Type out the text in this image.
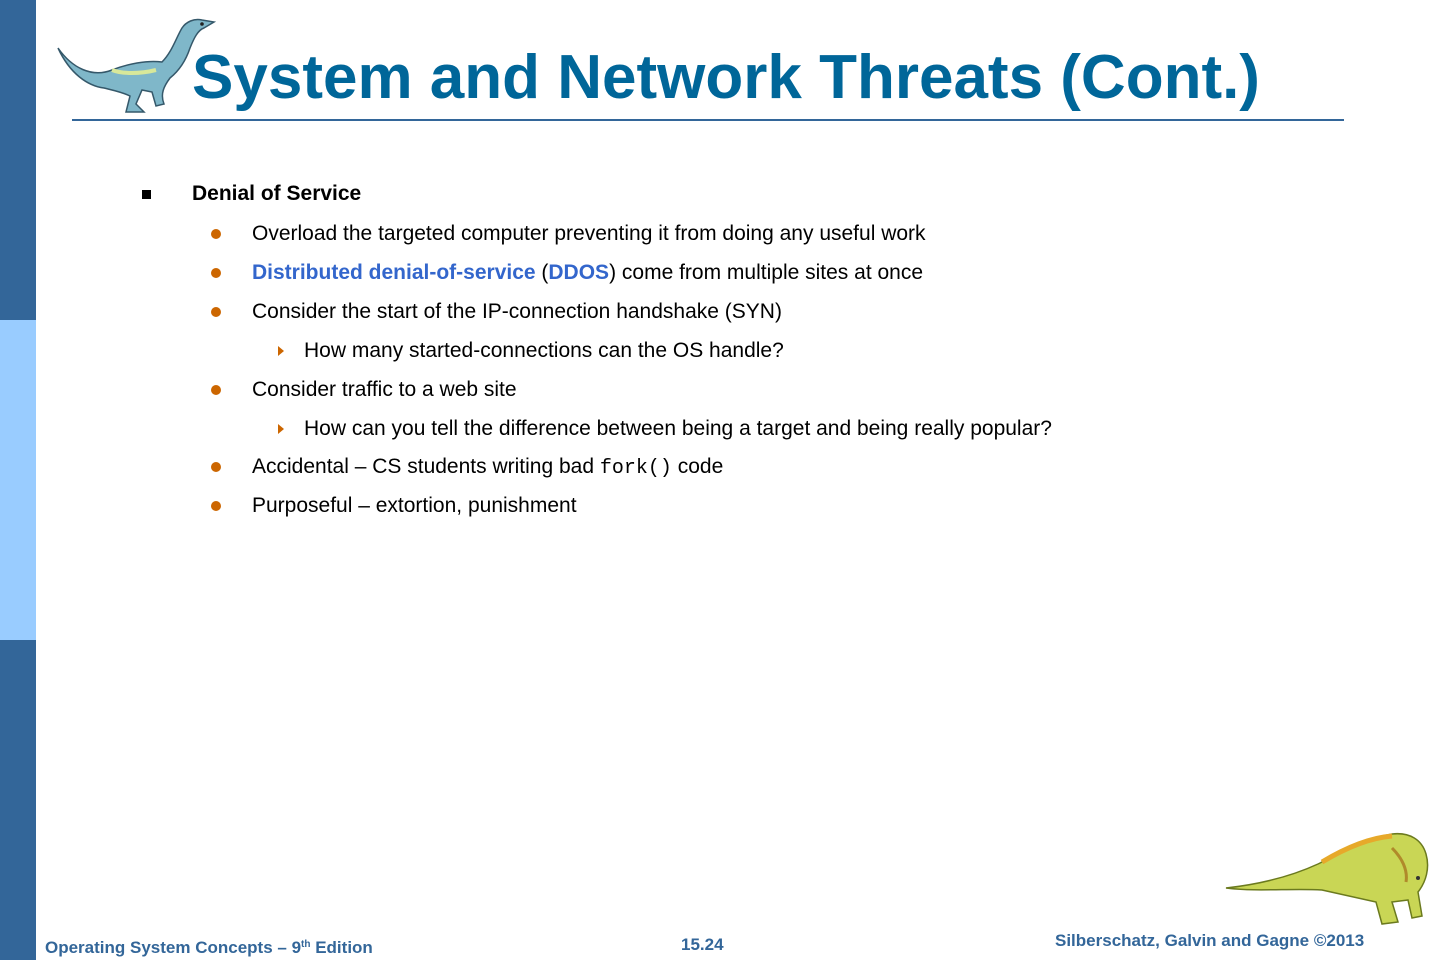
System and Network Threats (Cont.)
Denial of Service
Overload the targeted computer preventing it from doing any useful work
Distributed denial-of-service (DDOS) come from multiple sites at once
Consider the start of the IP-connection handshake (SYN)
How many started-connections can the OS handle?
Consider traffic to a web site
How can you tell the difference between being a target and being really popular?
Accidental – CS students writing bad fork() code
Purposeful – extortion, punishment
Operating System Concepts – 9th Edition	15.24	Silberschatz, Galvin and Gagne ©2013
